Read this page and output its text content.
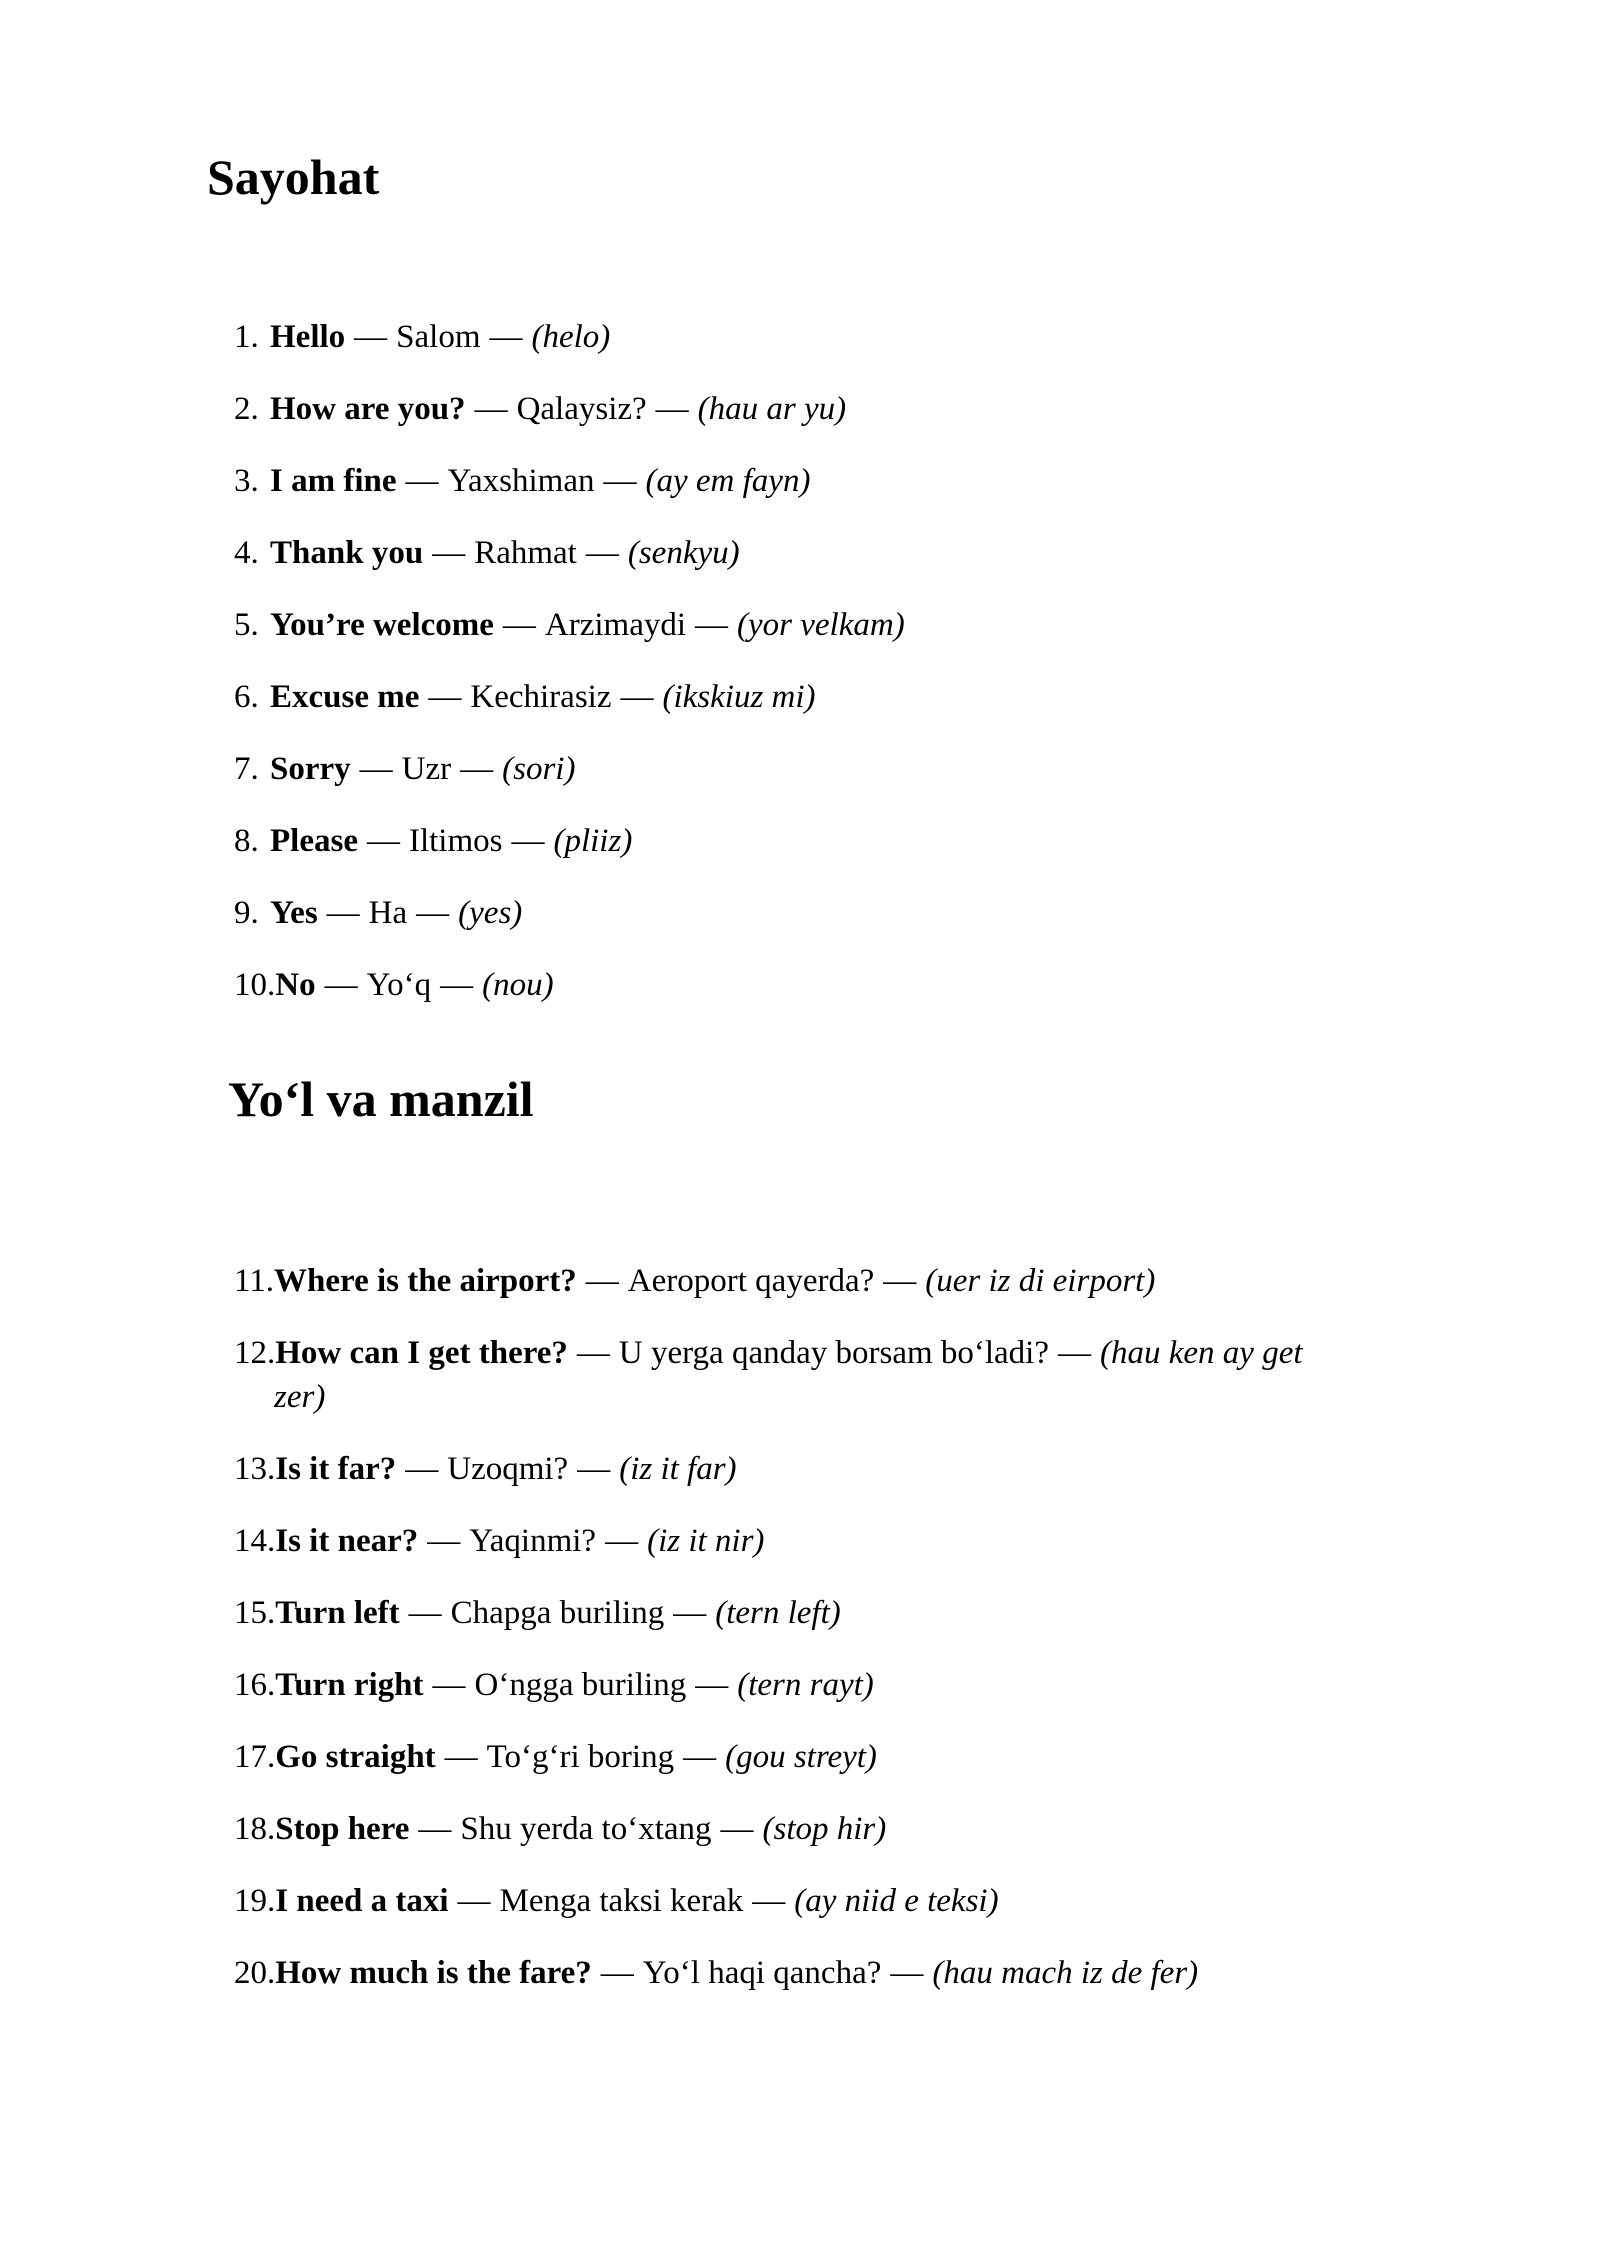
Sayohat
1. Hello — Salom — (helo)
2. How are you? — Qalaysiz? — (hau ar yu)
3. I am fine — Yaxshiman — (ay em fayn)
4. Thank you — Rahmat — (senkyu)
5. You’re welcome — Arzimaydi — (yor velkam)
6. Excuse me — Kechirasiz — (ikskiuz mi)
7. Sorry — Uzr — (sori)
8. Please — Iltimos — (pliiz)
9. Yes — Ha — (yes)
10.No — Yo‘q — (nou)
Yo‘l va manzil
11.Where is the airport? — Aeroport qayerda? — (uer iz di eirport)
12.How can I get there? — U yerga qanday borsam bo‘ladi? — (hau ken ay get zer)
13.Is it far? — Uzoqmi? — (iz it far)
14.Is it near? — Yaqinmi? — (iz it nir)
15.Turn left — Chapga buriling — (tern left)
16.Turn right — O‘ngga buriling — (tern rayt)
17.Go straight — To‘g‘ri boring — (gou streyt)
18.Stop here — Shu yerda to‘xtang — (stop hir)
19.I need a taxi — Menga taksi kerak — (ay niid e teksi)
20.How much is the fare? — Yo‘l haqi qancha? — (hau mach iz de fer)
